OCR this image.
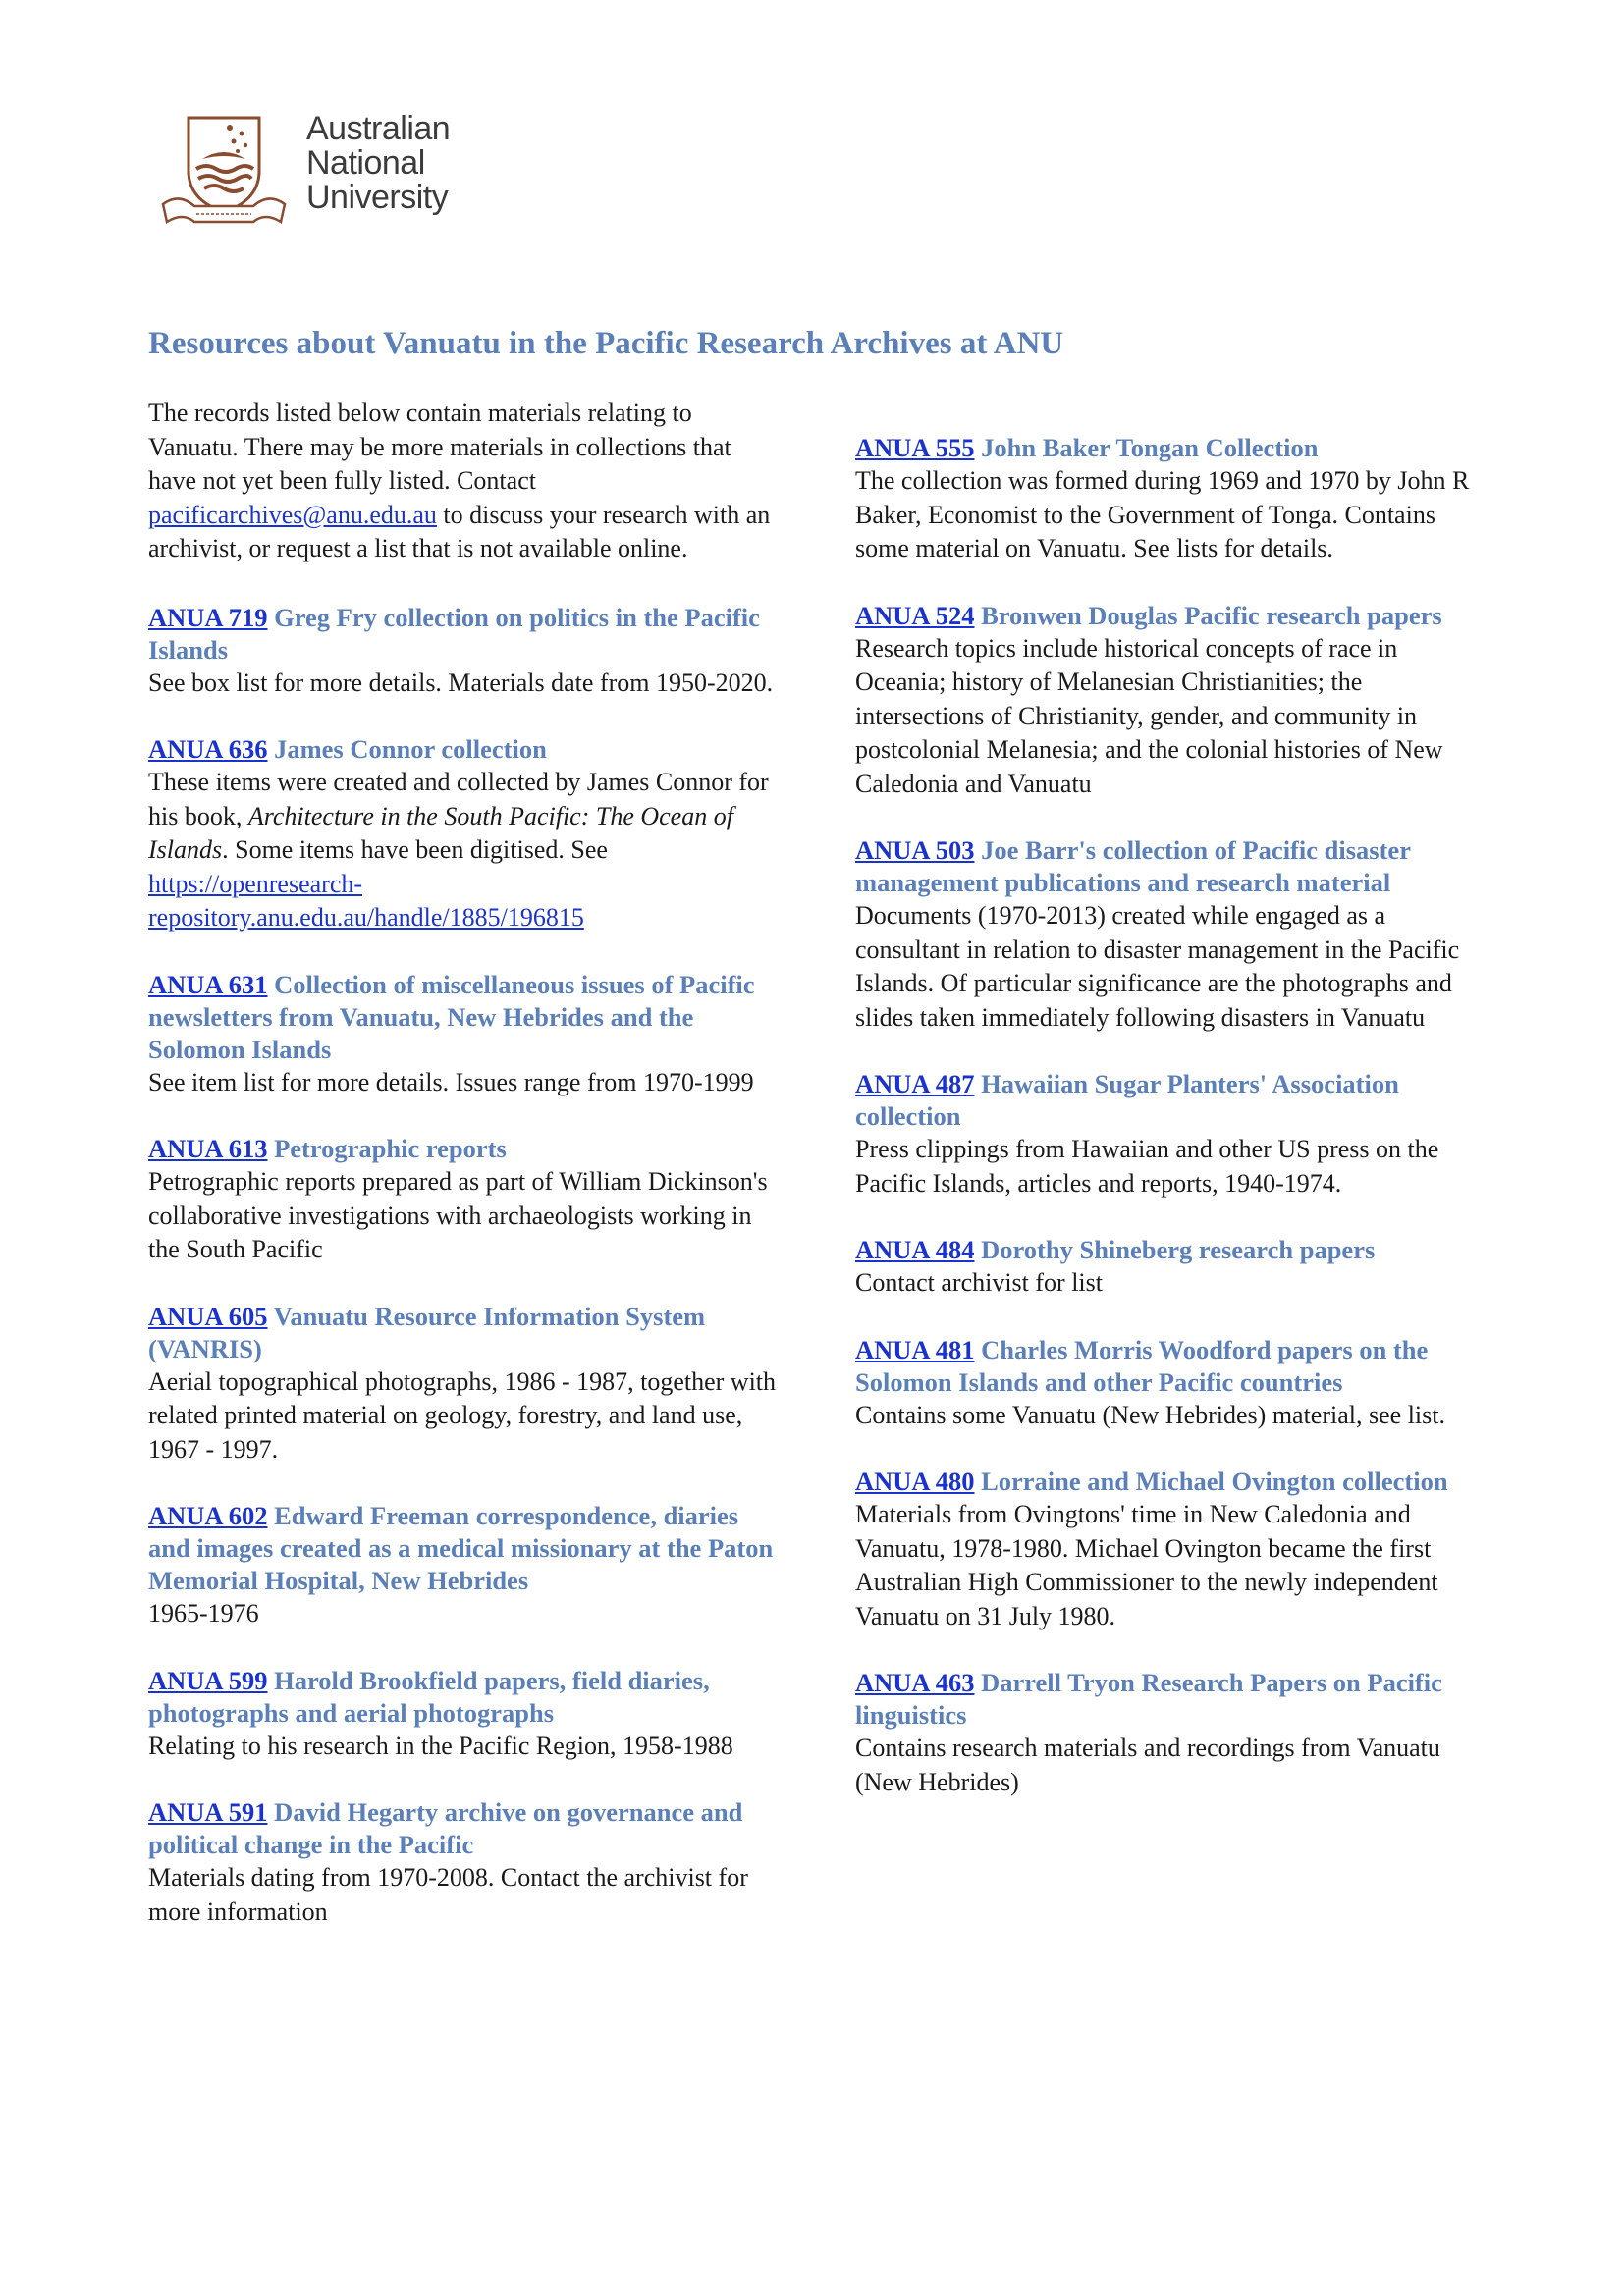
Australian
National
University
Resources about Vanuatu in the Pacific Research Archives at ANU

The records listed below contain materials relating to Vanuatu. There may be more materials in collections that have not yet been fully listed. Contact pacificarchives@anu.edu.au to discuss your research with an archivist, or request a list that is not available online.

ANUA 719 Greg Fry collection on politics in the Pacific Islands
See box list for more details. Materials date from 1950-2020.
ANUA 636 James Connor collection
These items were created and collected by James Connor for his book, Architecture in the South Pacific: The Ocean of Islands. Some items have been digitised. See https://openresearch-repository.anu.edu.au/handle/1885/196815
ANUA 631 Collection of miscellaneous issues of Pacific newsletters from Vanuatu, New Hebrides and the Solomon Islands
See item list for more details. Issues range from 1970-1999
ANUA 613 Petrographic reports
Petrographic reports prepared as part of William Dickinson's collaborative investigations with archaeologists working in the South Pacific
ANUA 605 Vanuatu Resource Information System (VANRIS)
Aerial topographical photographs, 1986 - 1987, together with related printed material on geology, forestry, and land use, 1967 - 1997.
ANUA 602 Edward Freeman correspondence, diaries and images created as a medical missionary at the Paton Memorial Hospital, New Hebrides
1965-1976
ANUA 599 Harold Brookfield papers, field diaries, photographs and aerial photographs
Relating to his research in the Pacific Region, 1958-1988
ANUA 591 David Hegarty archive on governance and political change in the Pacific
Materials dating from 1970-2008. Contact the archivist for more information
ANUA 555 John Baker Tongan Collection
The collection was formed during 1969 and 1970 by John R Baker, Economist to the Government of Tonga. Contains some material on Vanuatu. See lists for details.
ANUA 524 Bronwen Douglas Pacific research papers
Research topics include historical concepts of race in Oceania; history of Melanesian Christianities; the intersections of Christianity, gender, and community in postcolonial Melanesia; and the colonial histories of New Caledonia and Vanuatu
ANUA 503 Joe Barr's collection of Pacific disaster management publications and research material
Documents (1970-2013) created while engaged as a consultant in relation to disaster management in the Pacific Islands. Of particular significance are the photographs and slides taken immediately following disasters in Vanuatu
ANUA 487 Hawaiian Sugar Planters' Association collection
Press clippings from Hawaiian and other US press on the Pacific Islands, articles and reports, 1940-1974.
ANUA 484 Dorothy Shineberg research papers
Contact archivist for list
ANUA 481 Charles Morris Woodford papers on the Solomon Islands and other Pacific countries
Contains some Vanuatu (New Hebrides) material, see list.
ANUA 480 Lorraine and Michael Ovington collection
Materials from Ovingtons' time in New Caledonia and Vanuatu, 1978-1980. Michael Ovington became the first Australian High Commissioner to the newly independent Vanuatu on 31 July 1980.
ANUA 463 Darrell Tryon Research Papers on Pacific linguistics
Contains research materials and recordings from Vanuatu (New Hebrides)
